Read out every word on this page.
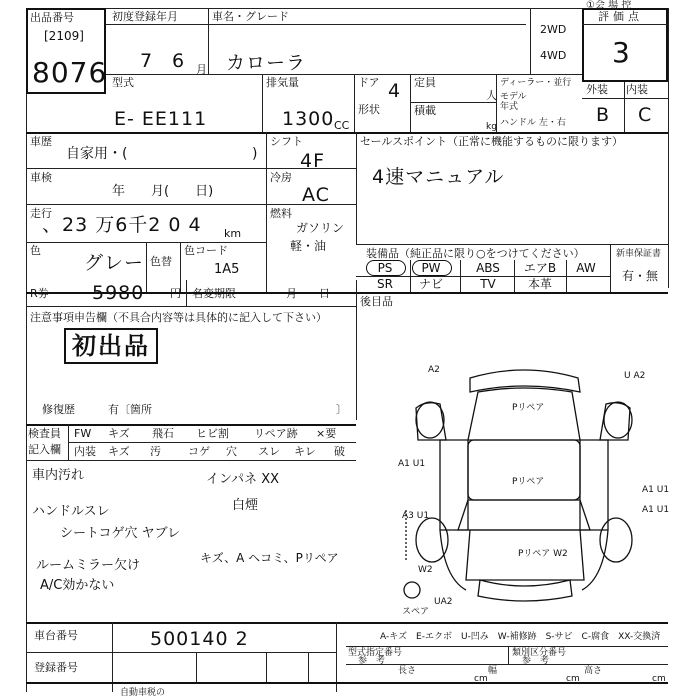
出品番号
[2109]
8076
初度登録年月	車名・グレード
7 6 月 カローラ
①会 場 控
2WD
4WD
評価点
3
型式
E- EE111
排気量
1300 CC
ドア 4
形状
定員
人
積載
kg
ディーラー・並行
モデル
年式
ハンドル 左・右
外装 内装
B C
車歴
自家用・(	)
シフト
4F
セールスポイント（正常に機能するものに限ります）
4速マニュアル
車検
年　　月(　　日)
冷房
AC
走行
、23 万6千2 0 4 km
燃料
ガソリン
軽・油
色
グレー 色替
色コード
1A5
装備品（純正品に限り○をつけてください）	新車保証書
有・無
PS	PW	ABS	エアB	AW
SR	ナビ	TV	本革
後目品
R券 5980 円 名変期限	月　　日
注意事項申告欄（不具合内容等は具体的に記入して下さい）
初出品
修復歴	有〔箇所	〕
検査員
記入欄
FW キズ 飛石 ヒビ割 リペア跡 ×要
内装 キズ 汚 コゲ 穴 スレ キレ 破
車内汚れ
ハンドルスレ
シートコゲ穴 ヤブレ
ルームミラー欠け
A/C効かない
インパネ XX
白煙
キズ、A ヘコミ、Pリペア
A2
U A2
Pリペア
Pリペア
A1 U1
A1 U1
A1 U1
A3 U1
Pリペア W2
W2
UA2
スペア
A-キズ　E-エクボ　U-凹み　W-補修跡　S-サビ　C-腐食　XX-交換済
車台番号	500140 2
登録番号
型式指定番号
参　考
類別区分番号
参　考
長さ	幅	高さ
cm	cm	cm
自動車税の
